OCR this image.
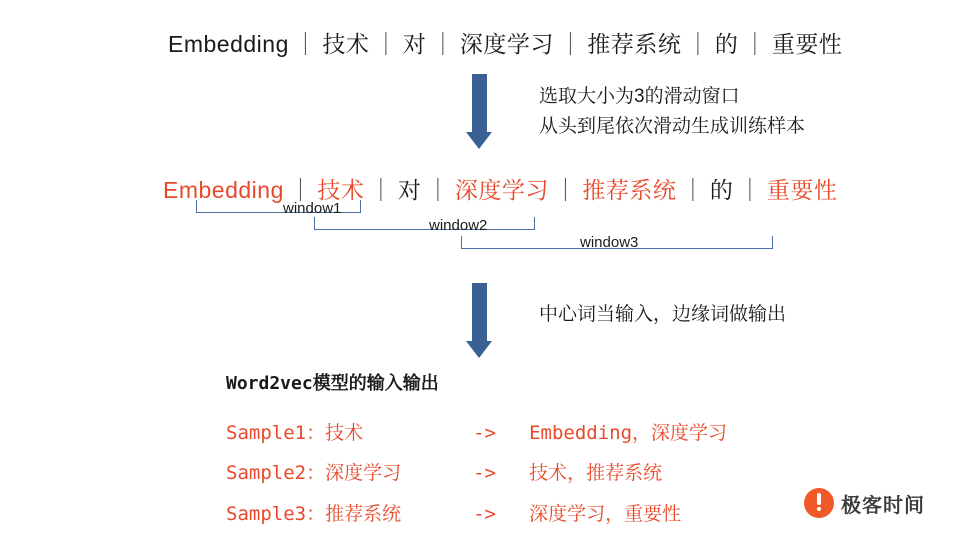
Embedding ｜ 技术 ｜ 对 ｜ 深度学习 ｜ 推荐系统 ｜ 的 ｜ 重要性
选取大小为3的滑动窗口
从头到尾依次滑动生成训练样本
Embedding ｜ 技术 ｜ 对 ｜ 深度学习 ｜ 推荐系统 ｜ 的 ｜ 重要性
window1
window2
window3
中心词当输入，边缘词做输出
Word2vec模型的输入输出
Sample1：技术	-> Embedding，深度学习
Sample2：深度学习	-> 技术，推荐系统
Sample3：推荐系统	-> 深度学习，重要性	极客时间
